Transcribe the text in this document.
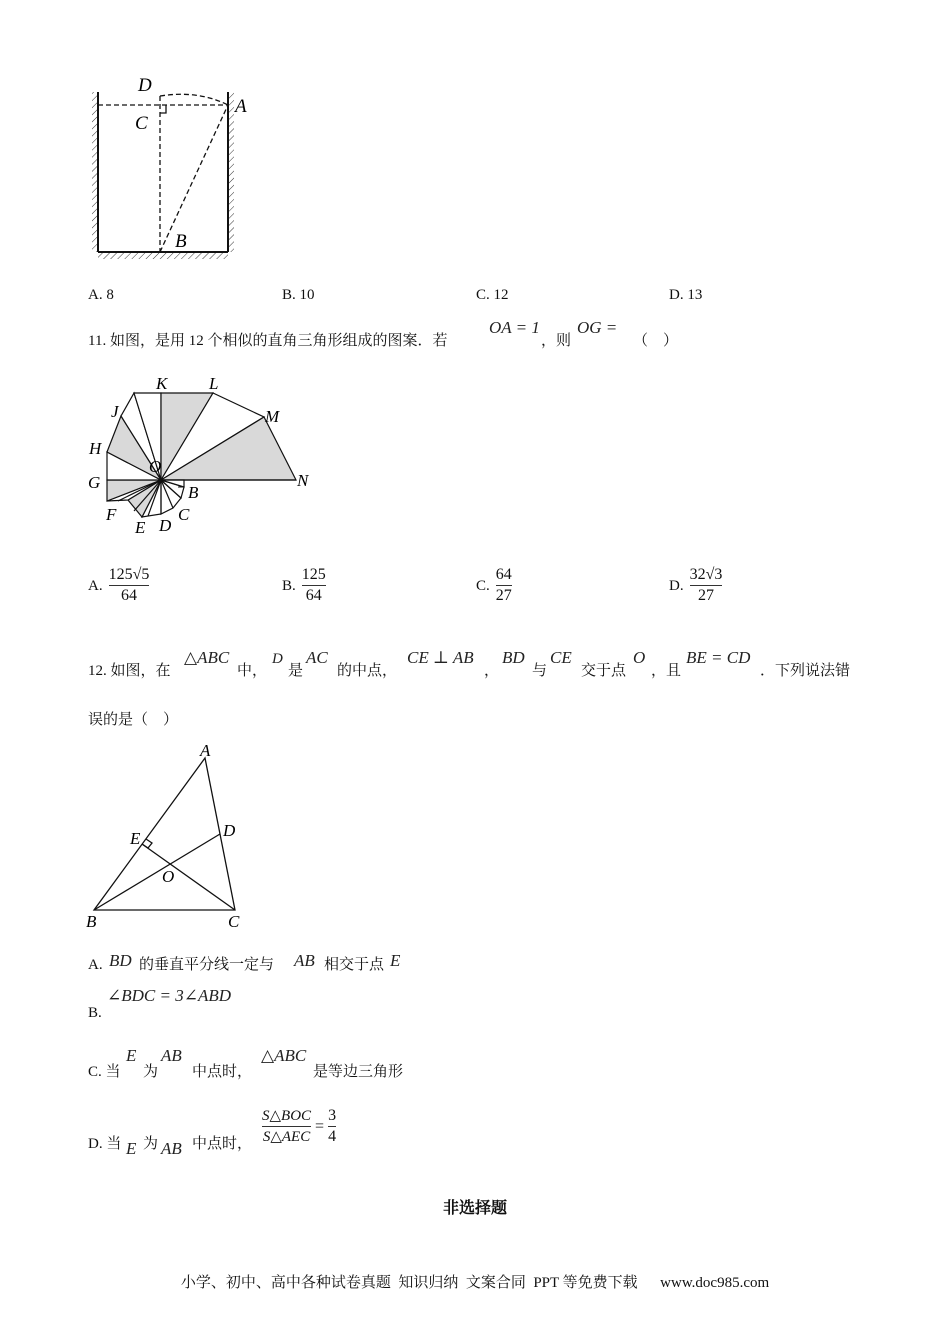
D
C
A
B
A. 8	B. 10	C. 12	D. 13
11. 如图，是用 12 个相似的直角三角形组成的图案．若
OA = 1
，则
OG =
（　）
K L
J	M
H
O
G	N
B
F	C
E D
A. $\frac{125√5}{64}$	B. $\frac{125}{64}$	C. $\frac{64}{27}$	D. $\frac{32√3}{27}$
12. 如图，在
△ABC
中，
D
是
AC
的中点，
CE ⊥ AB
，
BD
与
CE
交于点
O
，且
BE = CD
．下列说法错
误的是（　）
A
D
E
O
B	C
A. BD 的垂直平分线一定与 AB 相交于点 E
∠BDC = 3∠ABD
B.
C. 当
E
为
AB
中点时，
△ABC
是等边三角形
D. 当 E 为 AB 中点时， $\frac{\text{S△BOC}}{\text{S△AEC}} = \frac{3}{4}$
非选择题
小学、初中、高中各种试卷真题  知识归纳  文案合同  PPT 等免费下载      www.doc985.com
